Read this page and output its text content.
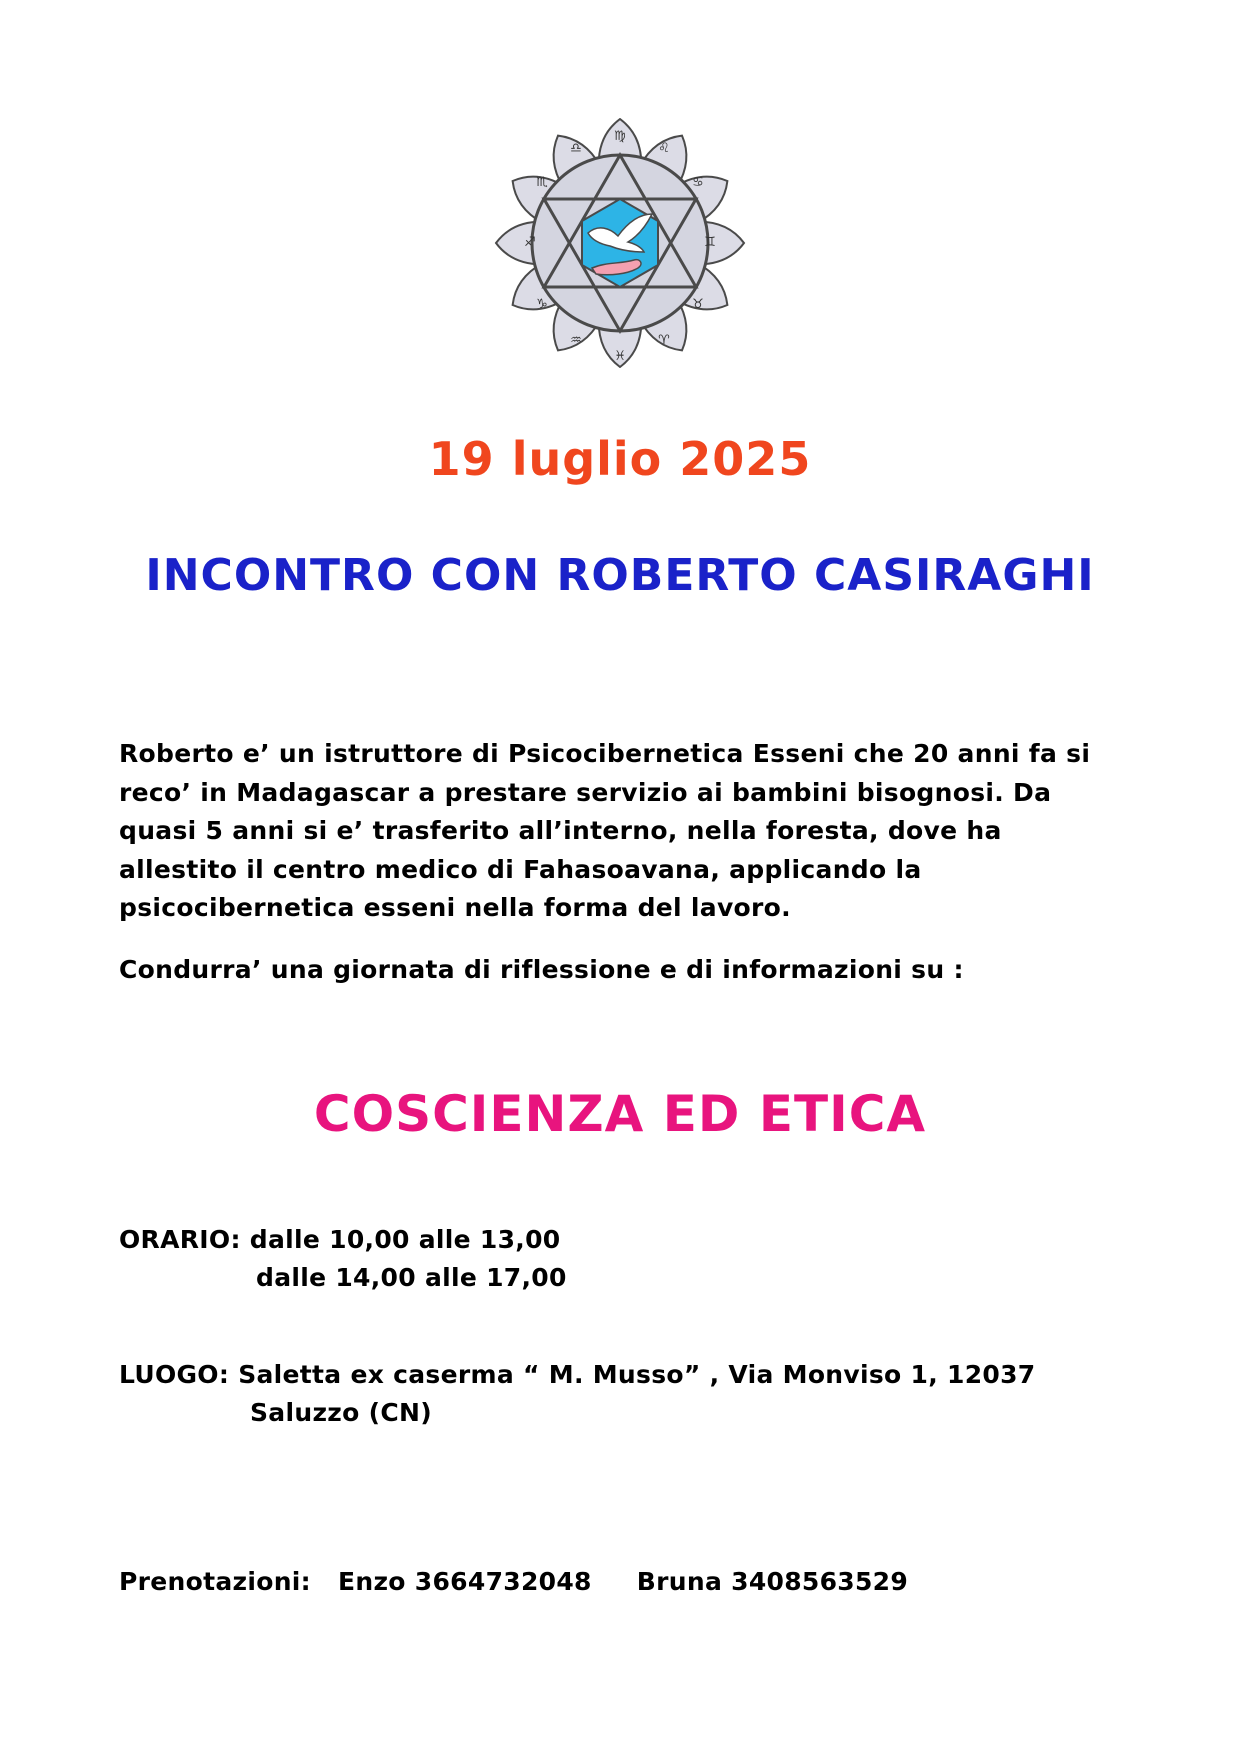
♍
♌
♋
♊
♉
♈
♓
♒
♑
♐
♏
♎
19 luglio 2025
INCONTRO CON ROBERTO CASIRAGHI

Roberto e’ un istruttore di Psicocibernetica Esseni che 20 anni fa si

reco’ in Madagascar a prestare servizio ai bambini bisognosi. Da

quasi 5 anni si e’ trasferito all’interno, nella foresta, dove ha

allestito il centro medico di Fahasoavana, applicando la

psicocibernetica esseni nella forma del lavoro.

Condurra’ una giornata di riflessione e di informazioni su :
COSCIENZA ED ETICA
ORARIO: dalle 10,00 alle 13,00
dalle 14,00 alle 17,00
LUOGO: Saletta ex caserma “ M. Musso” , Via Monviso 1, 12037
Saluzzo (CN)
Prenotazioni: Enzo 3664732048 Bruna 3408563529
